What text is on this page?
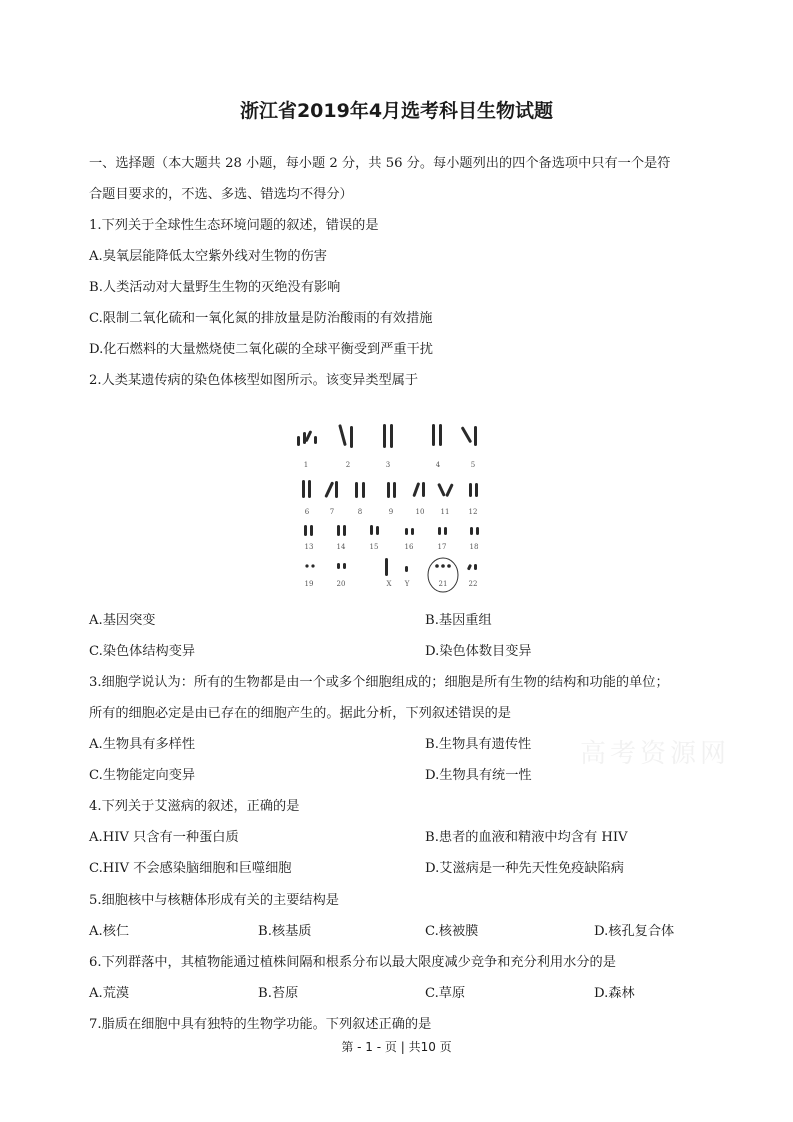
浙江省2019年4月选考科目生物试题
一、选择题（本大题共 28 小题，每小题 2 分，共 56 分。每小题列出的四个备选项中只有一个是符
合题目要求的，不选、多选、错选均不得分）
1.下列关于全球性生态环境问题的叙述，错误的是
A.臭氧层能降低太空紫外线对生物的伤害
B.人类活动对大量野生生物的灭绝没有影响
C.限制二氧化硫和一氧化氮的排放量是防治酸雨的有效措施
D.化石燃料的大量燃烧使二氧化碳的全球平衡受到严重干扰
2.人类某遗传病的染色体核型如图所示。该变异类型属于
1	2	3	4	5
6	7	8	9	10 11	12
13	14	15	16	17	18
19	20	X Y	21	22
A.基因突变	B.基因重组
C.染色体结构变异	D.染色体数目变异
3.细胞学说认为：所有的生物都是由一个或多个细胞组成的；细胞是所有生物的结构和功能的单位；
所有的细胞必定是由已存在的细胞产生的。据此分析，下列叙述错误的是
A.生物具有多样性	B.生物具有遗传性
C.生物能定向变异	D.生物具有统一性
高考资源网
4.下列关于艾滋病的叙述，正确的是
A.HIV 只含有一种蛋白质	B.患者的血液和精液中均含有 HIV
C.HIV 不会感染脑细胞和巨噬细胞	D.艾滋病是一种先天性免疫缺陷病
5.细胞核中与核糖体形成有关的主要结构是
A.核仁	B.核基质	C.核被膜	D.核孔复合体
6.下列群落中，其植物能通过植株间隔和根系分布以最大限度减少竞争和充分利用水分的是
A.荒漠	B.苔原	C.草原	D.森林
7.脂质在细胞中具有独特的生物学功能。下列叙述正确的是
第 - 1 - 页 | 共10 页
